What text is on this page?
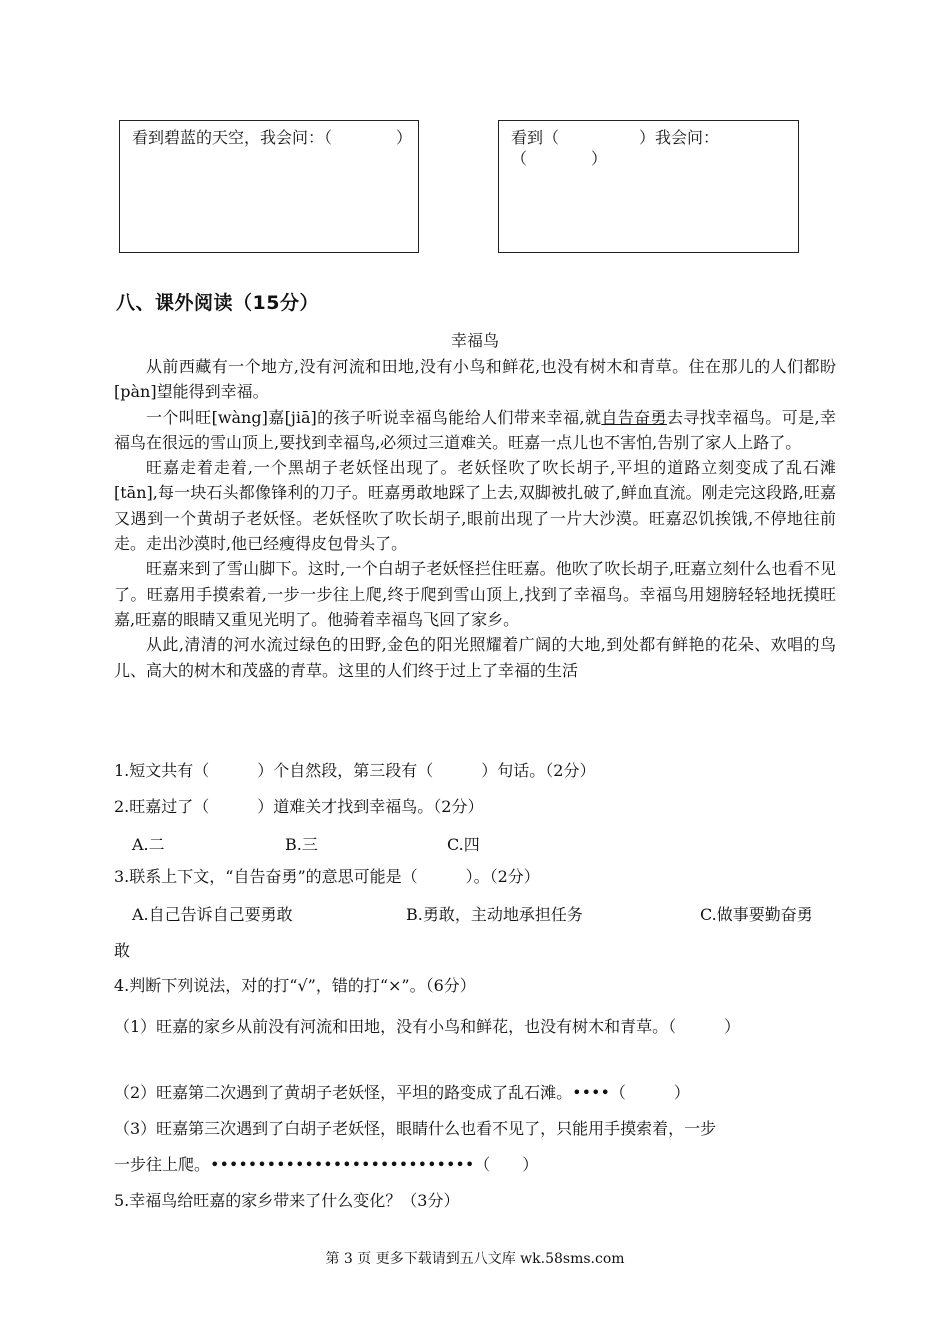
看到碧蓝的天空，我会问：（　　　　）	看到（　　　　　）我会问：（　　　　）
八、课外阅读（15分）
幸福鸟

从前西藏有一个地方,没有河流和田地,没有小鸟和鲜花,也没有树木和青草。住在那儿的人们都盼[pàn]望能得到幸福。

一个叫旺[wàng]嘉[jiā]的孩子听说幸福鸟能给人们带来幸福,就自告奋勇去寻找幸福鸟。可是,幸福鸟在很远的雪山顶上,要找到幸福鸟,必须过三道难关。旺嘉一点儿也不害怕,告别了家人上路了。

旺嘉走着走着,一个黑胡子老妖怪出现了。老妖怪吹了吹长胡子,平坦的道路立刻变成了乱石滩[tān],每一块石头都像锋利的刀子。旺嘉勇敢地踩了上去,双脚被扎破了,鲜血直流。刚走完这段路,旺嘉又遇到一个黄胡子老妖怪。老妖怪吹了吹长胡子,眼前出现了一片大沙漠。旺嘉忍饥挨饿,不停地往前走。走出沙漠时,他已经瘦得皮包骨头了。

旺嘉来到了雪山脚下。这时,一个白胡子老妖怪拦住旺嘉。他吹了吹长胡子,旺嘉立刻什么也看不见了。旺嘉用手摸索着,一步一步往上爬,终于爬到雪山顶上,找到了幸福鸟。幸福鸟用翅膀轻轻地抚摸旺嘉,旺嘉的眼睛又重见光明了。他骑着幸福鸟飞回了家乡。

从此,清清的河水流过绿色的田野,金色的阳光照耀着广阔的大地,到处都有鲜艳的花朵、欢唱的鸟儿、高大的树木和茂盛的青草。这里的人们终于过上了幸福的生活

1.短文共有（　　　）个自然段，第三段有（　　　）句话。（2分）
2.旺嘉过了（　　　）道难关才找到幸福鸟。（2分）
A.二	B.三	C.四
3.联系上下文，“自告奋勇”的意思可能是（　　　）。（2分）
A.自己告诉自己要勇敢	B.勇敢，主动地承担任务	C.做事要勤奋勇
敢
4.判断下列说法，对的打“√”，错的打“×”。（6分）
（1）旺嘉的家乡从前没有河流和田地，没有小鸟和鲜花，也没有树木和青草。（　　　）
（2）旺嘉第二次遇到了黄胡子老妖怪，平坦的路变成了乱石滩。••••（　　　）
（3）旺嘉第三次遇到了白胡子老妖怪，眼睛什么也看不见了，只能用手摸索着，一步
一步往上爬。••••••••••••••••••••••••••••（　　）
5.幸福鸟给旺嘉的家乡带来了什么变化？（3分）
第 3 页 更多下载请到五八文库 wk.58sms.com
